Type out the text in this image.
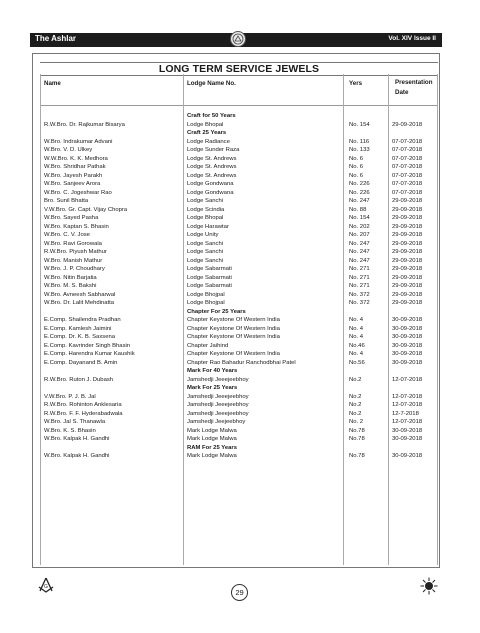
The Ashlar	Vol. XIV Issue II
LONG TERM SERVICE JEWELS
Name	Lodge Name No.	Yers	Presentation
Date
Craft for 50 Years
R.W.Bro. Dr. Rajkumar Bisarya	Lodge Bhopal	No. 154	29-09-2018
Craft 25 Years
W.Bro. Indrakumar Advani	Lodge Radiance	No. 116	07-07-2018
W.Bro. V. D. Ulkey	Lodge Sunder Raza	No. 133	07-07-2018
W.W.Bro. K. K. Medhora	Lodge St. Andrews	No. 6	07-07-2018
W.Bro. Shridhar Pathak	Lodge St. Andrews	No. 6	07-07-2018
W.Bro. Jayesh Parakh	Lodge St. Andrews	No. 6	07-07-2018
W.Bro. Sanjeev Arora	Lodge Gondwana	No. 226	07-07-2018
W.Bro. C. Jogeshwar Rao	Lodge Gondwana	No. 226	07-07-2018
Bro. Sunil Bhatta	Lodge Sanchi	No. 247	29-09-2018
V.W.Bro. Gr. Capt. Vijay Chopra	Lodge Scindia	No. 88	29-09-2018
W.Bro. Sayed Pasha	Lodge Bhopal	No. 154	29-09-2018
W.Bro. Kaptan S. Bhasin	Lodge Harawtar	No. 202	29-09-2018
W.Bro. C. V. Jose	Lodge Unity	No. 207	29-09-2018
W.Bro. Ravi Gorowala	Lodge Sanchi	No. 247	29-09-2018
R.W.Bro. Piyush Mathur	Lodge Sanchi	No. 247	29-09-2018
W.Bro. Manish Mathur	Lodge Sanchi	No. 247	29-09-2018
W.Bro. J. P. Choudhary	Lodge Sabarmati	No. 271	29-09-2018
W.Bro. Nitin Barjatia	Lodge Sabarmati	No. 271	29-09-2018
W.Bro. M. S. Bakshi	Lodge Sabarmati	No. 271	29-09-2018
W.Bro. Avneesh Sabharwal	Lodge Bhojpal	No. 372	29-09-2018
W.Bro. Dr. Lalit Mehdinatta	Lodge Bhojpal	No. 372	29-09-2018
Chapter For 25 Years
E.Comp. Shailendra Pradhan	Chapter Keystone Of Western India	No. 4	30-09-2018
E.Comp. Kamlesh Jaimini	Chapter Keystone Of Western India	No. 4	30-09-2018
E.Comp. Dr. K. B. Saxsena	Chapter Keystone Of Western India	No. 4	30-09-2018
E.Comp. Kavrinder Singh Bhasin	Chapter Jaihind	No.46	30-09-2018
E.Comp. Harendra Kumar Kaushik	Chapter Keystone Of Western India	No. 4	30-09-2018
E.Comp. Dayanand B. Amin	Chapter Rao Bahadur Ranchodbhai Patel	No.56	30-09-2018
Mark For 40 Years
R.W.Bro. Ruton J. Dubash	Jamshedji Jeeejeebhoy	No.2	12-07-2018
Mark For 25 Years
V.W.Bro. P. J. B. Jal	Jamshedji Jeeejeebhoy	No.2	12-07-2018
R.W.Bro. Rohinton Anklesaria	Jamshedji Jeeejeebhoy	No.2	12-07-2018
R.W.Bro. F. F. Hyderabadwala	Jamshedji Jeeejeebhoy	No.2	12-7-2018
W.Bro. Jal S. Thanawla	Jamshedji Jeejeebhoy	No. 2	12-07-2018
W.Bro. K. S. Bhasin	Mark Lodge Malwa	No.78	30-09-2018
W.Bro. Kalpak H. Gandhi	Mark Lodge Malwa	No.78	30-09-2018
RAM For 25 Years
W.Bro. Kalpak H. Gandhi	Mark Lodge Malwa	No.78	30-09-2018
G
29
